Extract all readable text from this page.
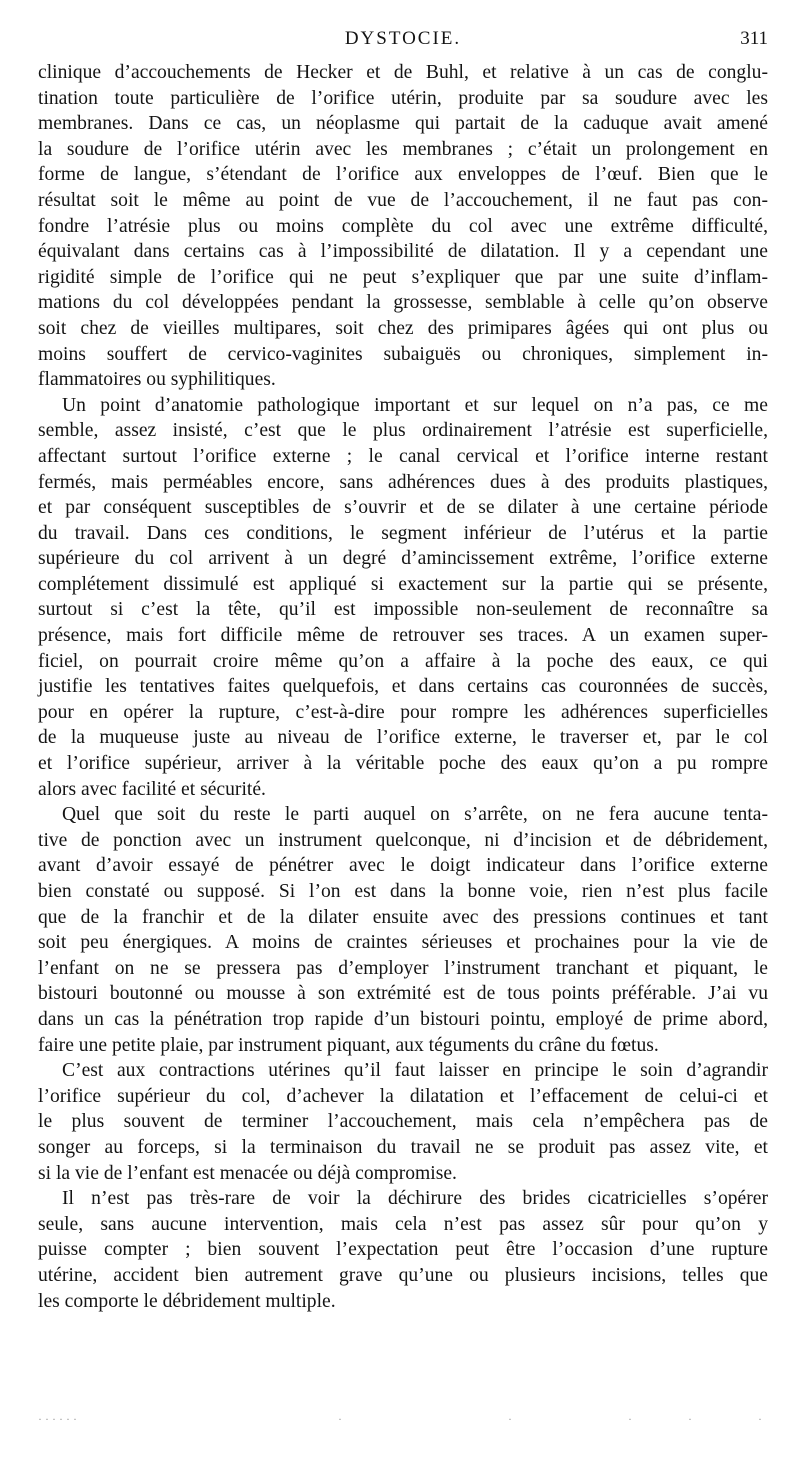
DYSTOCIE.	311
clinique d’accouchements de Hecker et de Buhl, et relative à un cas de conglu-
tination toute particulière de l’orifice utérin, produite par sa soudure avec les
membranes. Dans ce cas, un néoplasme qui partait de la caduque avait amené
la soudure de l’orifice utérin avec les membranes ; c’était un prolongement en
forme de langue, s’étendant de l’orifice aux enveloppes de l’œuf. Bien que le
résultat soit le même au point de vue de l’accouchement, il ne faut pas con-
fondre l’atrésie plus ou moins complète du col avec une extrême difficulté,
équivalant dans certains cas à l’impossibilité de dilatation. Il y a cependant une
rigidité simple de l’orifice qui ne peut s’expliquer que par une suite d’inflam-
mations du col développées pendant la grossesse, semblable à celle qu’on observe
soit chez de vieilles multipares, soit chez des primipares âgées qui ont plus ou
moins souffert de cervico-vaginites subaiguës ou chroniques, simplement in-
flammatoires ou syphilitiques.
Un point d’anatomie pathologique important et sur lequel on n’a pas, ce me
semble, assez insisté, c’est que le plus ordinairement l’atrésie est superficielle,
affectant surtout l’orifice externe ; le canal cervical et l’orifice interne restant
fermés, mais perméables encore, sans adhérences dues à des produits plastiques,
et par conséquent susceptibles de s’ouvrir et de se dilater à une certaine période
du travail. Dans ces conditions, le segment inférieur de l’utérus et la partie
supérieure du col arrivent à un degré d’amincissement extrême, l’orifice externe
complétement dissimulé est appliqué si exactement sur la partie qui se présente,
surtout si c’est la tête, qu’il est impossible non-seulement de reconnaître sa
présence, mais fort difficile même de retrouver ses traces. A un examen super-
ficiel, on pourrait croire même qu’on a affaire à la poche des eaux, ce qui
justifie les tentatives faites quelquefois, et dans certains cas couronnées de succès,
pour en opérer la rupture, c’est-à-dire pour rompre les adhérences superficielles
de la muqueuse juste au niveau de l’orifice externe, le traverser et, par le col
et l’orifice supérieur, arriver à la véritable poche des eaux qu’on a pu rompre
alors avec facilité et sécurité.
Quel que soit du reste le parti auquel on s’arrête, on ne fera aucune tenta-
tive de ponction avec un instrument quelconque, ni d’incision et de débridement,
avant d’avoir essayé de pénétrer avec le doigt indicateur dans l’orifice externe
bien constaté ou supposé. Si l’on est dans la bonne voie, rien n’est plus facile
que de la franchir et de la dilater ensuite avec des pressions continues et tant
soit peu énergiques. A moins de craintes sérieuses et prochaines pour la vie de
l’enfant on ne se pressera pas d’employer l’instrument tranchant et piquant, le
bistouri boutonné ou mousse à son extrémité est de tous points préférable. J’ai vu
dans un cas la pénétration trop rapide d’un bistouri pointu, employé de prime abord,
faire une petite plaie, par instrument piquant, aux téguments du crâne du fœtus.
C’est aux contractions utérines qu’il faut laisser en principe le soin d’agrandir
l’orifice supérieur du col, d’achever la dilatation et l’effacement de celui-ci et
le plus souvent de terminer l’accouchement, mais cela n’empêchera pas de
songer au forceps, si la terminaison du travail ne se produit pas assez vite, et
si la vie de l’enfant est menacée ou déjà compromise.
Il n’est pas très-rare de voir la déchirure des brides cicatricielles s’opérer
seule, sans aucune intervention, mais cela n’est pas assez sûr pour qu’on y
puisse compter ; bien souvent l’expectation peut être l’occasion d’une rupture
utérine, accident bien autrement grave qu’une ou plusieurs incisions, telles que
les comporte le débridement multiple.
· · · · · ·	·	·	·	·	·
